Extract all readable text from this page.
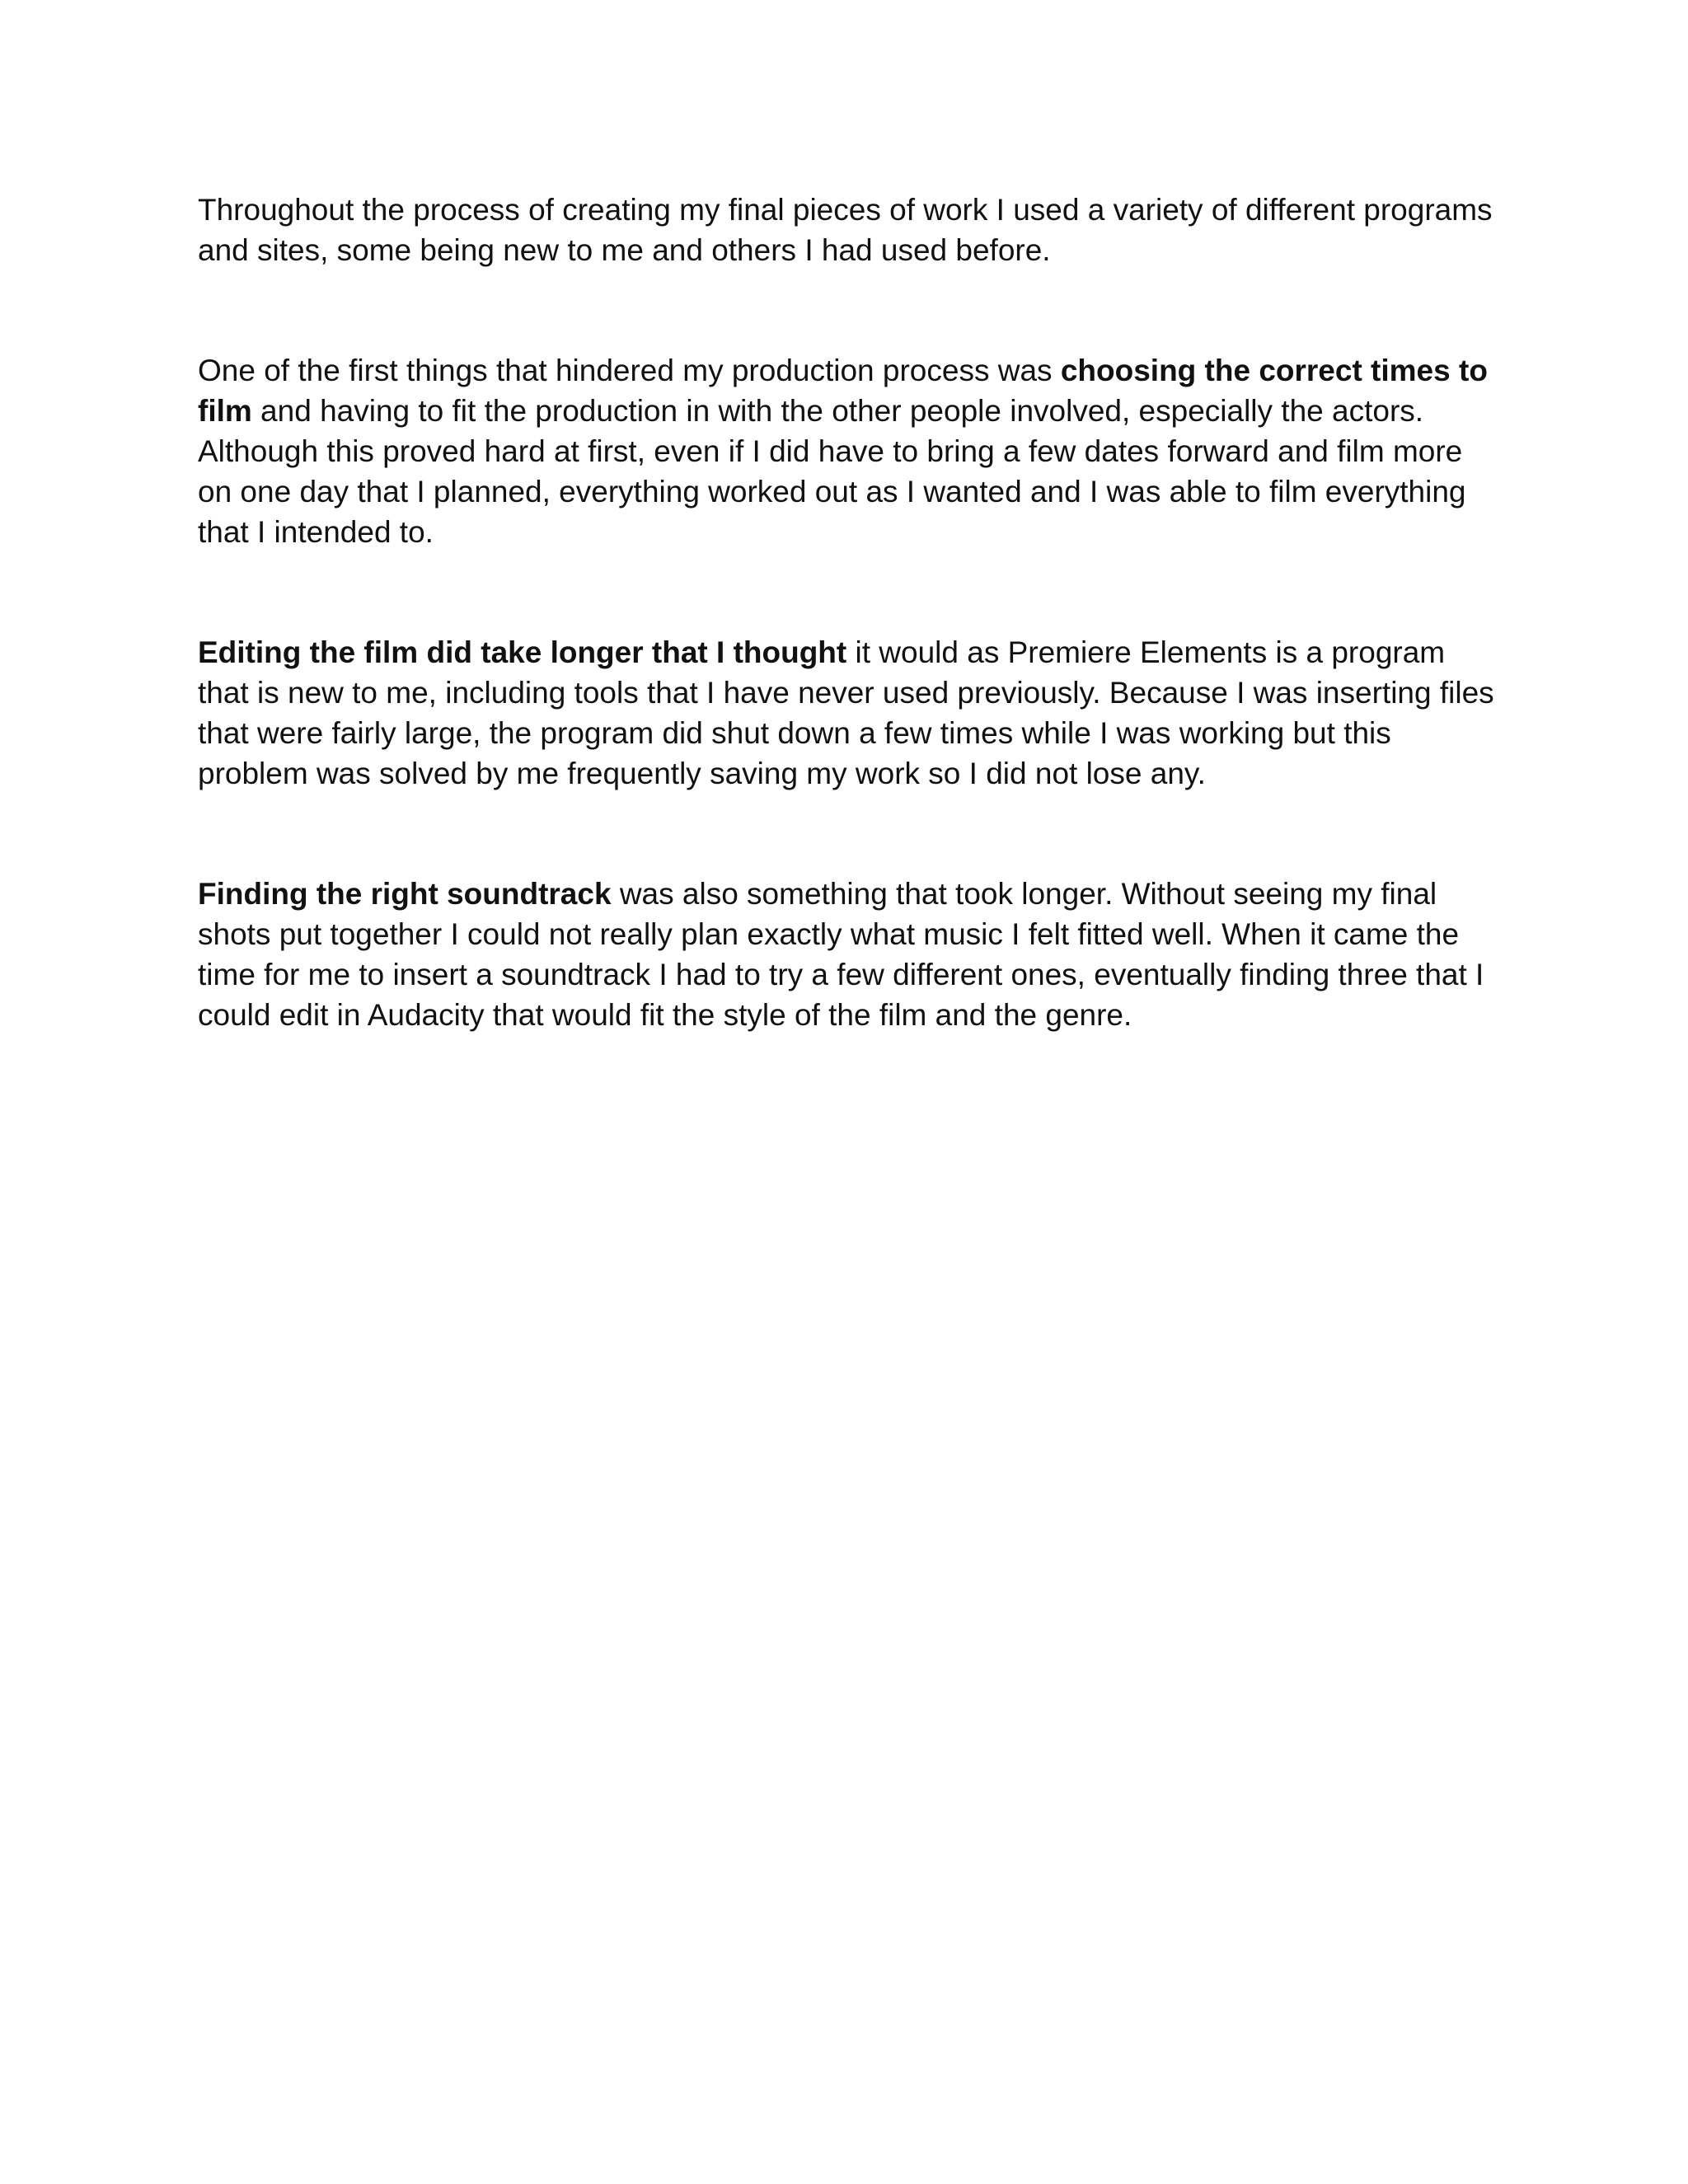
Throughout the process of creating my final pieces of work I used a variety of different programs and sites, some being new to me and others I had used before.

One of the first things that hindered my production process was choosing the correct times to film and having to fit the production in with the other people involved, especially the actors. Although this proved hard at first, even if I did have to bring a few dates forward and film more on one day that I planned, everything worked out as I wanted and I was able to film everything that I intended to.

Editing the film did take longer that I thought it would as Premiere Elements is a program that is new to me, including tools that I have never used previously. Because I was inserting files that were fairly large, the program did shut down a few times while I was working but this problem was solved by me frequently saving my work so I did not lose any.

Finding the right soundtrack was also something that took longer. Without seeing my final shots put together I could not really plan exactly what music I felt fitted well. When it came the time for me to insert a soundtrack I had to try a few different ones, eventually finding three that I could edit in Audacity that would fit the style of the film and the genre.
